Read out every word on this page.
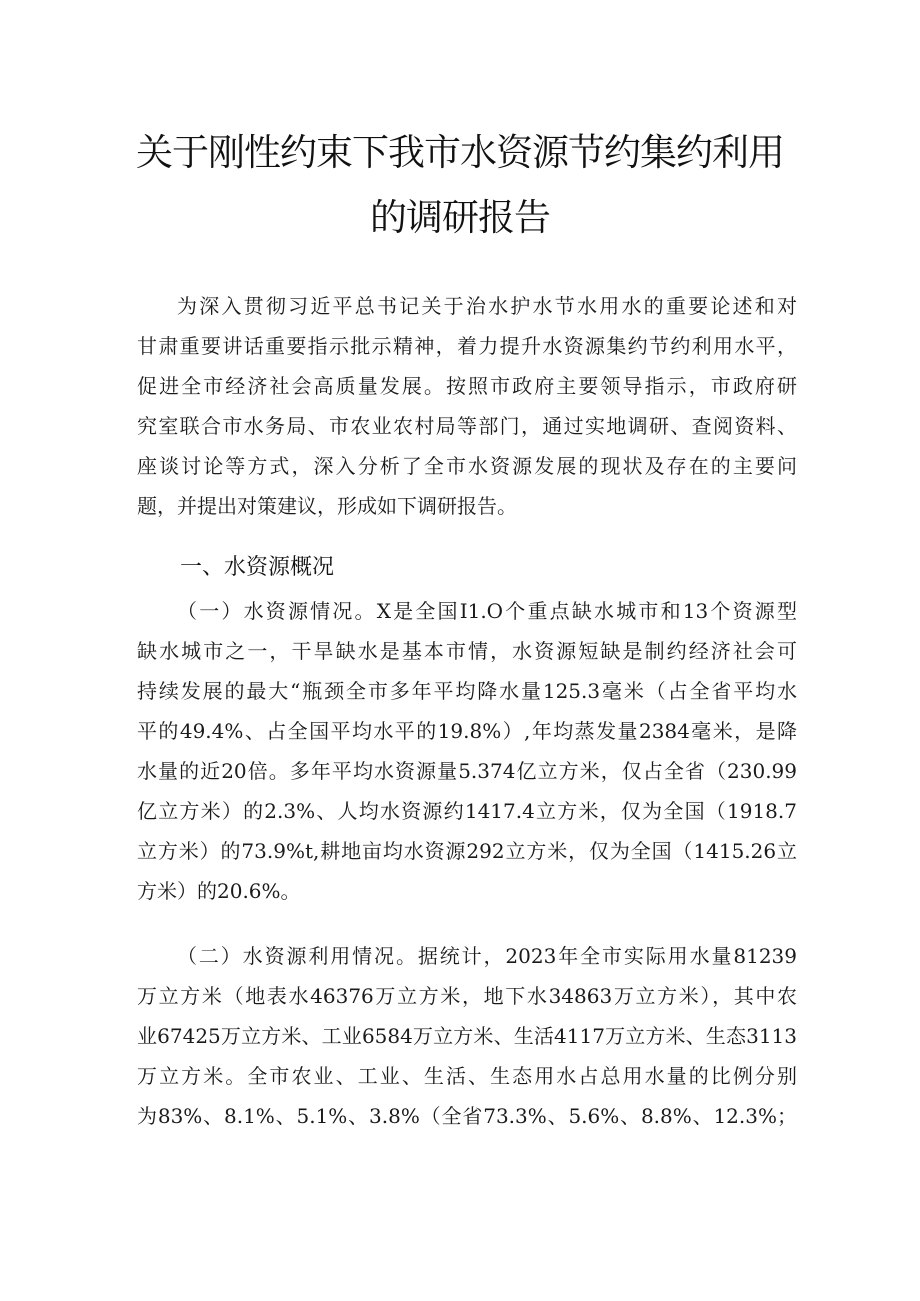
关于刚性约束下我市水资源节约集约利用
的调研报告
为深入贯彻习近平总书记关于治水护水节水用水的重要论述和对
甘肃重要讲话重要指示批示精神，着力提升水资源集约节约利用水平，
促进全市经济社会高质量发展。按照市政府主要领导指示，市政府研
究室联合市水务局、市农业农村局等部门，通过实地调研、查阅资料、
座谈讨论等方式，深入分析了全市水资源发展的现状及存在的主要问
题，并提出对策建议，形成如下调研报告。
一、水资源概况
（一）水资源情况。X是全国I1.O个重点缺水城市和13个资源型
缺水城市之一，干旱缺水是基本市情，水资源短缺是制约经济社会可
持续发展的最大“瓶颈全市多年平均降水量125.3毫米（占全省平均水
平的49.4%、占全国平均水平的19.8%）,年均蒸发量2384毫米，是降
水量的近20倍。多年平均水资源量5.374亿立方米，仅占全省（230.99
亿立方米）的2.3%、人均水资源约1417.4立方米，仅为全国（1918.7
立方米）的73.9%t,耕地亩均水资源292立方米，仅为全国（1415.26立
方米）的20.6%。
（二）水资源利用情况。据统计，2023年全市实际用水量81239
万立方米（地表水46376万立方米，地下水34863万立方米），其中农
业67425万立方米、工业6584万立方米、生活4117万立方米、生态3113
万立方米。全市农业、工业、生活、生态用水占总用水量的比例分别
为83%、8.1%、5.1%、3.8%（全省73.3%、5.6%、8.8%、12.3%；
